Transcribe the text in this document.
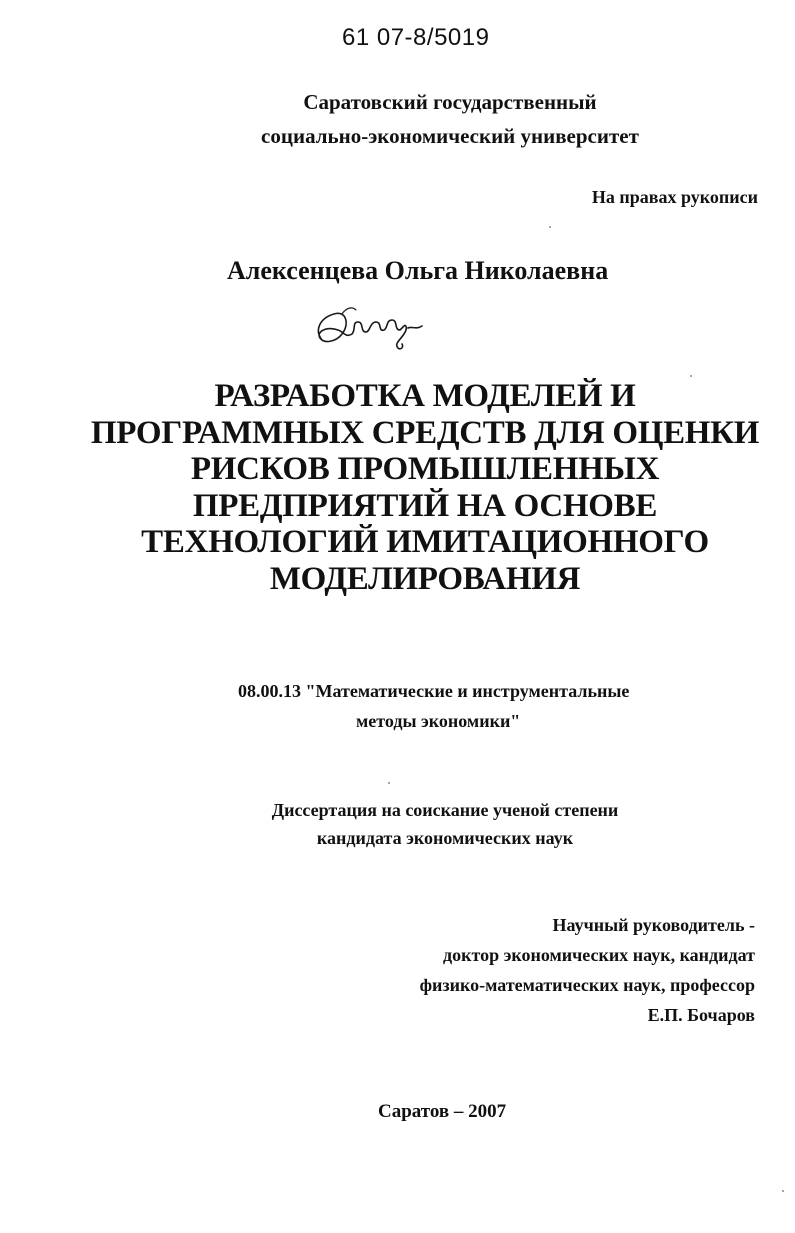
61 07-8/5019
Саратовский государственный
социально-экономический университет
На правах рукописи
Алексенцева Ольга Николаевна
РАЗРАБОТКА МОДЕЛЕЙ И
ПРОГРАММНЫХ СРЕДСТВ ДЛЯ ОЦЕНКИ
РИСКОВ ПРОМЫШЛЕННЫХ
ПРЕДПРИЯТИЙ НА ОСНОВЕ
ТЕХНОЛОГИЙ ИМИТАЦИОННОГО
МОДЕЛИРОВАНИЯ
08.00.13 "Математические и инструментальные
методы экономики"
Диссертация на соискание ученой степени
кандидата экономических наук
Научный руководитель -
доктор экономических наук, кандидат
физико-математических наук, профессор
Е.П. Бочаров
Саратов – 2007
